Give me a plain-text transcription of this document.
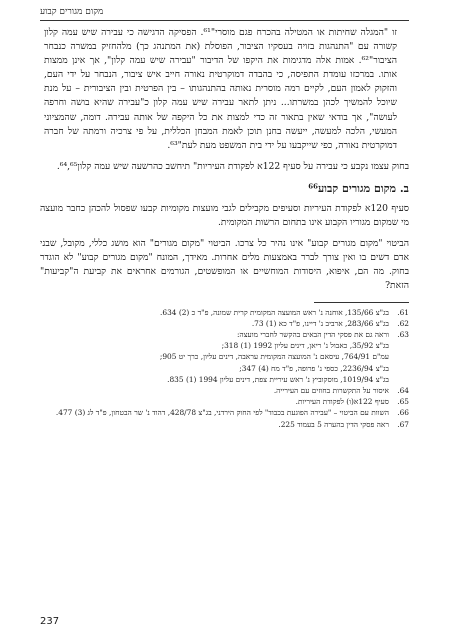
מקום מגורים קבוע

זו "המגלה שחיתות או המטילה בהכרח פגם מוסרי"⁶¹. הפסיקה הדגישה כי עבירה שיש עמה קלון קשורה עם "התנהגות בזויה בעסקיו הציבור, הפוסלת (את המתנהג כך) מלהחזיק במשרה כנבחר הציבור"⁶². אמות אלה מדגימות את היקפו של הדיבור "עבירה שיש עמה קלון", אך אינן ממצות אותו. במרכזו עומדת התפיסה, כי בהבדה דמוקרטית נאורה חייב איש ציבור, הנבחר על ידי העם, והזקוק לאמון העם, לקיים רמה מוסרית נאותה בהתנהגותו – בין הפרטית ובין הציבורית – על מנת שיוכל להמשיך לכהן במשרתו... ניתן לתאר עבירה שיש עמה קלון כ"עבירה שהיא בושה וחרפה לעושה", אך בודאי שאין בתאור זה כדי למצות את כל היקפה של אותה עבירה. דומה, שהמציוני המעשי, הלכה למעשה, ייעשה בחנן תוכן לאמת המבחן הכללית, על פי צרכיה ורמתה של חברה דמוקרטית נאורה, כפי שייקבעו על ידי בית המשפט מעת לעת"⁶³.

בחוק עצמו נקבע כי עבירה על סעיף 122א לפקודת העיריות" תיחשב כהרשעה שיש עמה קלון⁶⁴,⁶⁵.

ב. מקום מגורים קבוע⁶⁶

סעיף 120א לפקודת העיריות וסעיפים מקבילים לגבי מועצות מקומיות קבעו שפסול להכהן כחבר מועצה מי שמקום מגוריו הקבוע אינו בתחום הרשות המקומית.

הביטוי "מקום מגורים קבוע" אינו נהיר כל צרכו. הביטוי "מקום מגורים" הוא מושג כללי, מקובל, שבני אדם דשים בו ואין צורך לברר באמצעות מלים אחרות. מאידך, המונח "מקום מגורים קבוע" לא הוגדר בחוק. מה הם, איפוא, היסודות המוחשיים או המופשטים, הגורמים אחראים את קביעת ה"קביעות" הזאת?

61.
בג"צ 135/66, אוחנה נ' ראש המועצה המקומית קרית שמונה, פ"ד כ (2) 634.
62.
בג"צ 283/66, ארביב נ' דיינו, פ"ד כא (1) 73.
63.
וראה גם את פסקי הדין הבאים בהקשר לחברי מועצה:
בג"צ 35/92, כאבול נ' ריאן, דינים עליון 1992 (1) 318;
עמ"ם 764/91, עיסאם נ' המועצה המקומית עראבה, דינים עליון, כרך יט 905;
בג"צ 2236/94, כספי נ' פרופה, פ"ד מח (4) 347;
בג"צ 1019/94, מוסקוביץ נ' ראש עיריית צפת, דינים עליון 1994 (1) 835.
64.
איסור על התקשרות בחוזים עם העירייה.
65.
סעיף 122א(ו) לפקודת העיריות.
66.
השוות עם הביטוי – "עבירה הפוגעת בכבוד" לפי החוק הירדני, בג"צ 428/78, דהוד נ' שר הבטחון, פ"ד לג (3) 477.
67.
ראה פסקי הדין בהערה 5 בעמוד 225.
237
